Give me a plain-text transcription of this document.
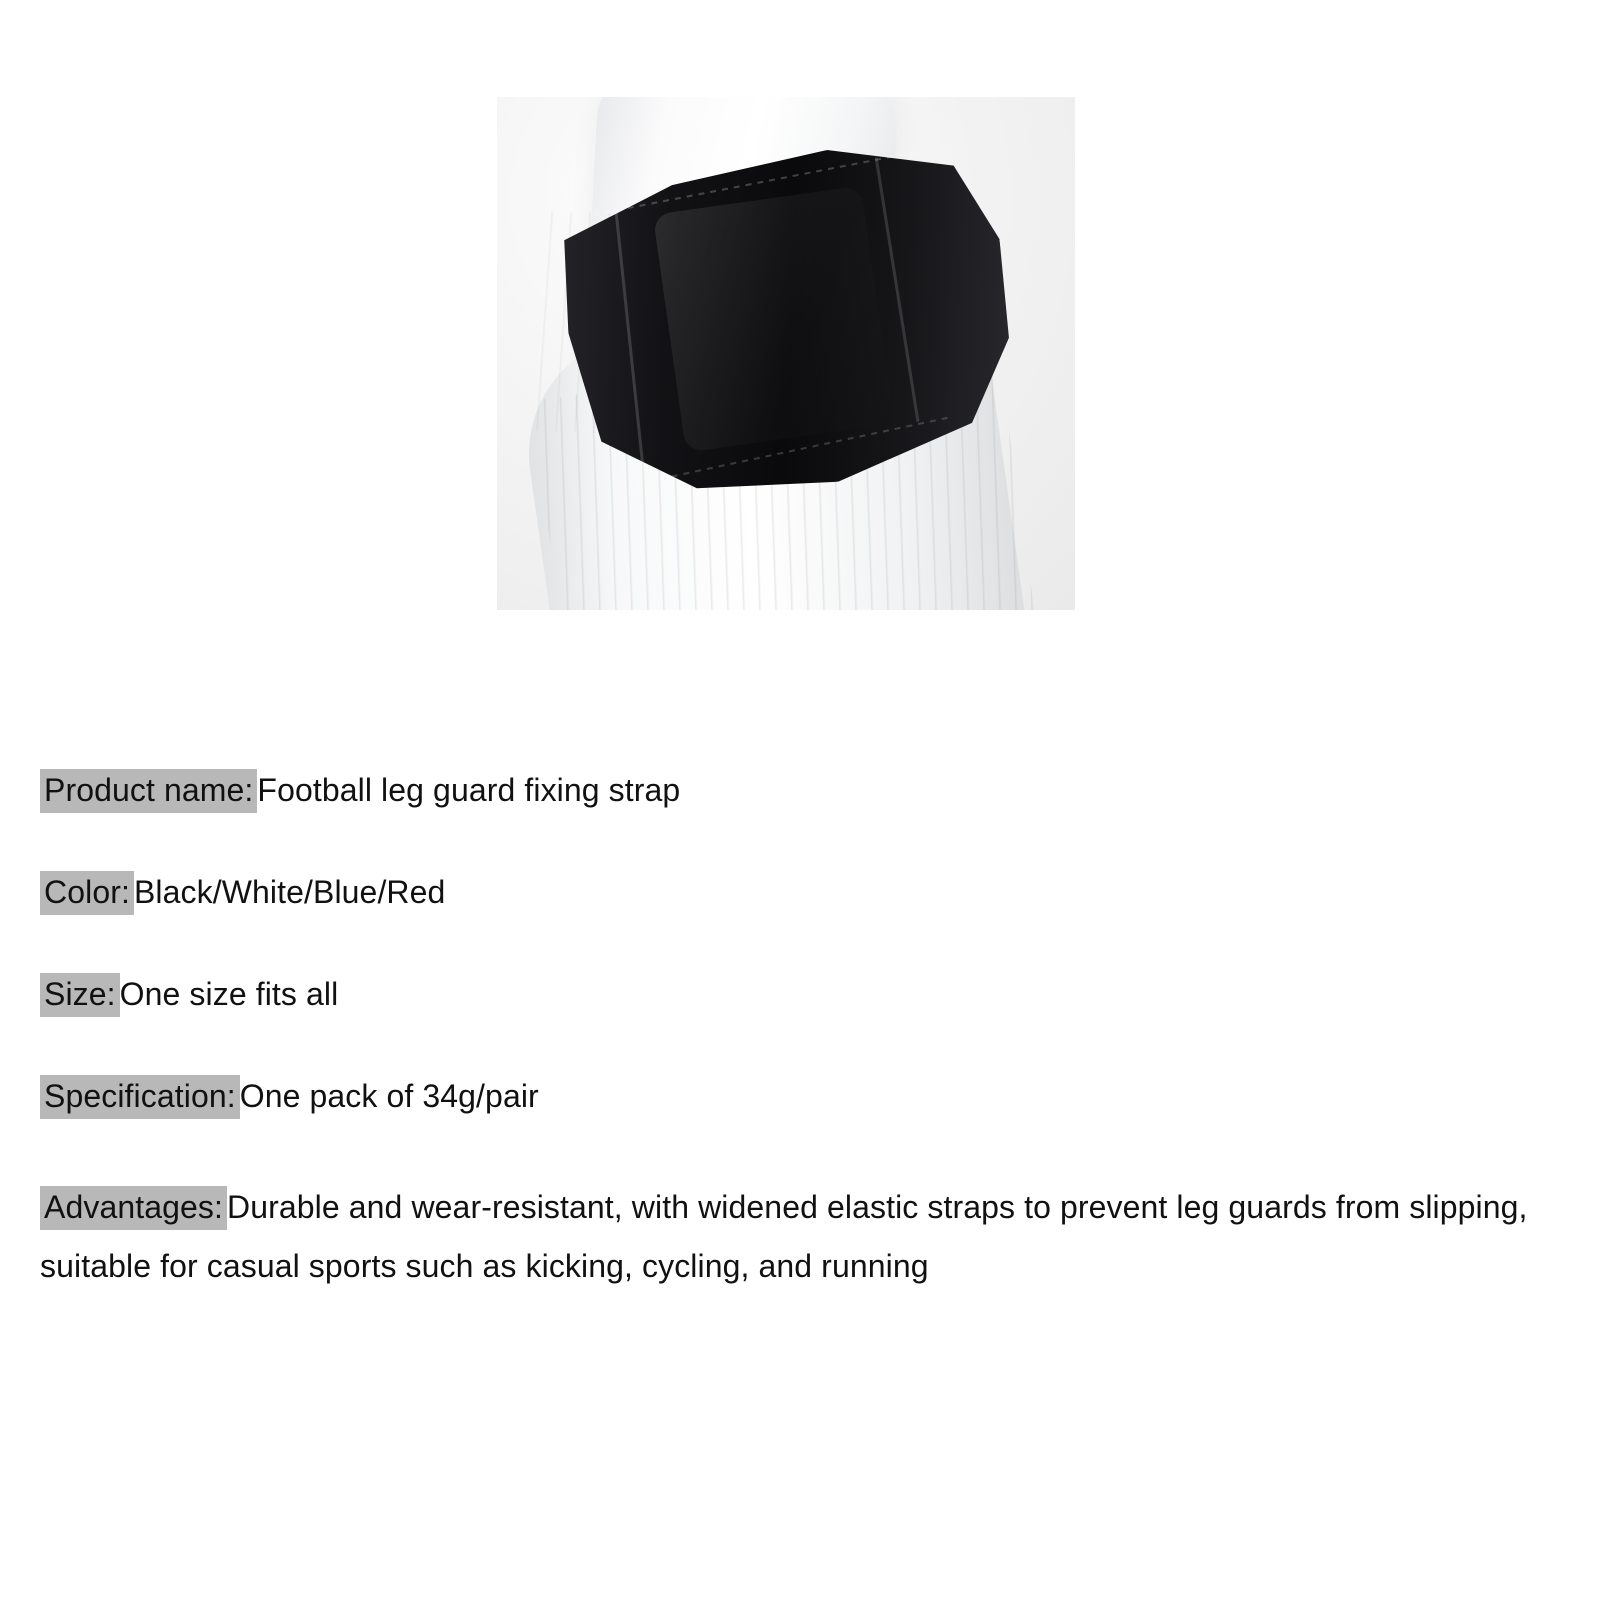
Product name: Football leg guard fixing strap
Color: Black/White/Blue/Red
Size: One size fits all
Specification: One pack of 34g/pair
Advantages: Durable and wear-resistant, with widened elastic straps to prevent leg guards from slipping, suitable for casual sports such as kicking, cycling, and running
